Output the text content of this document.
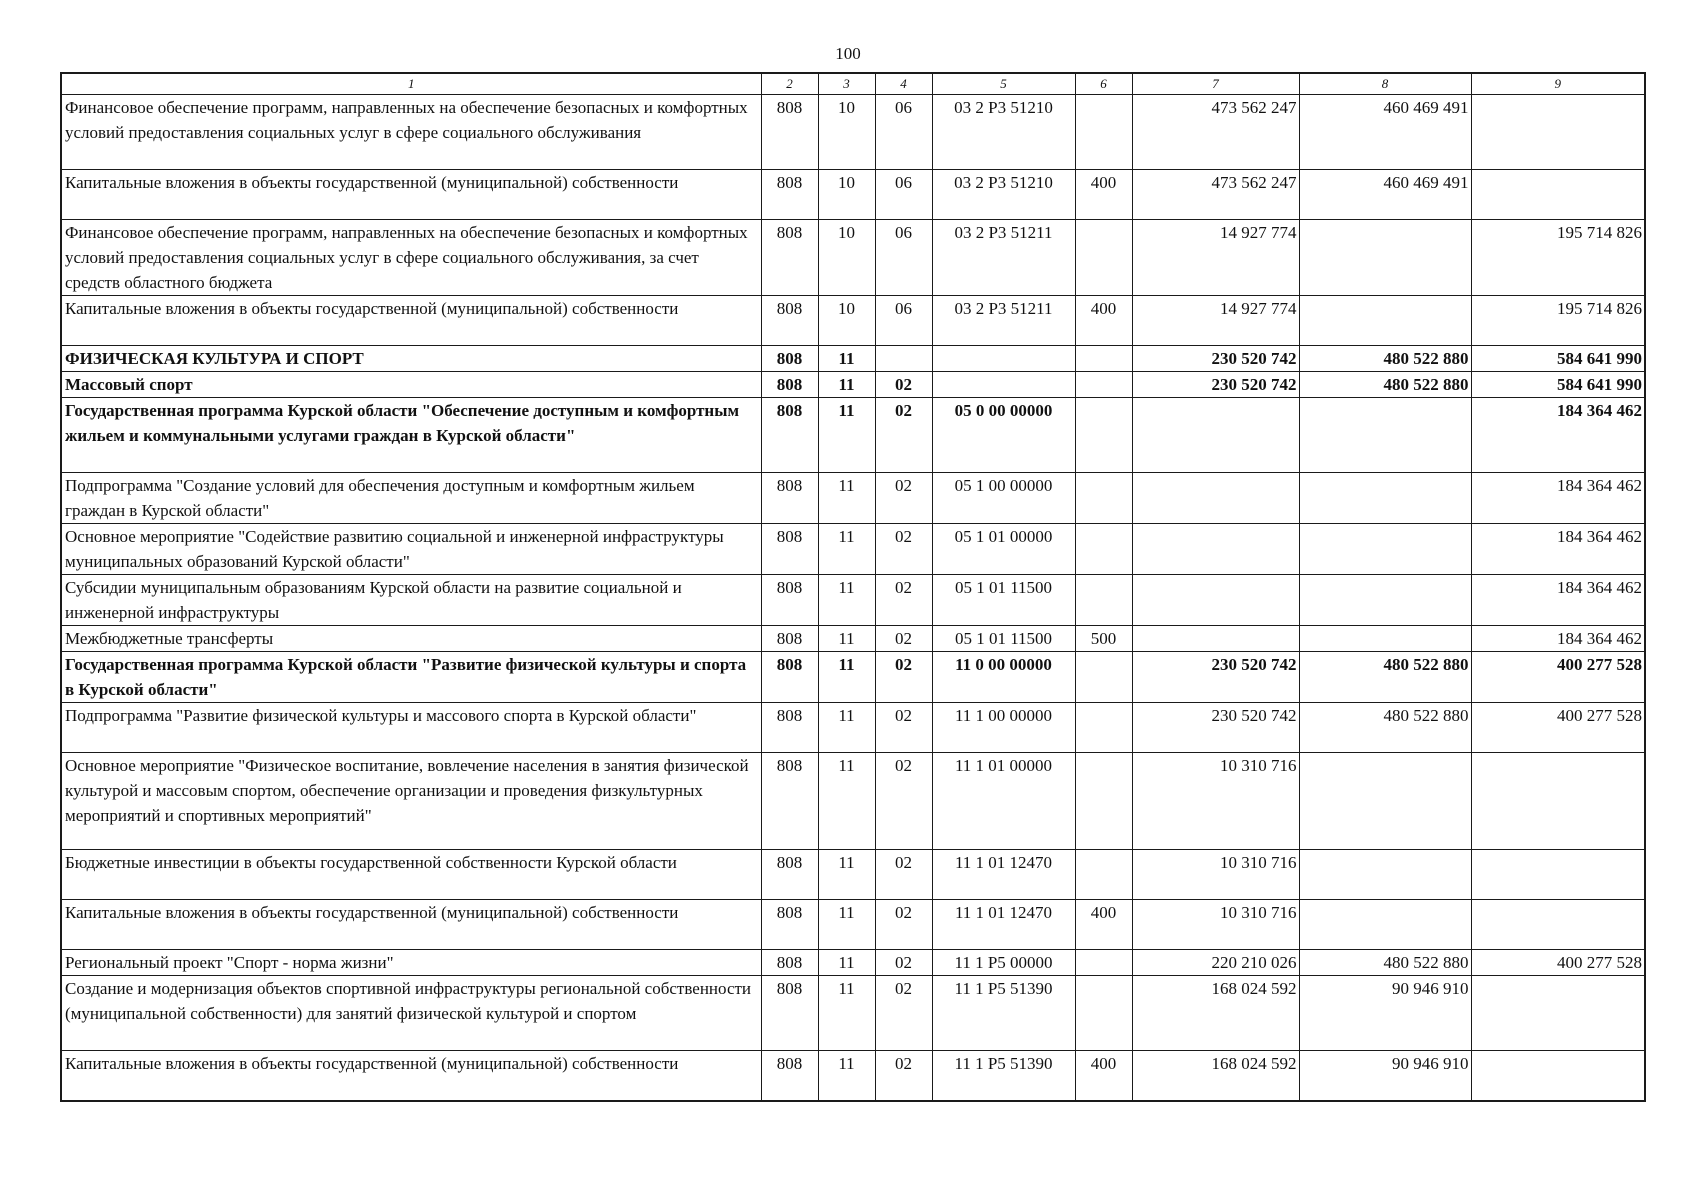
100
1	2	3	4	5	6	7	8	9
Финансовое обеспечение программ, направленных на обеспечение безопасных и комфортных условий предоставления социальных услуг в сфере социального обслуживания	808	10	06	03 2 P3 51210		473 562 247	460 469 491	
Капитальные вложения в объекты государственной (муниципальной) собственности	808	10	06	03 2 P3 51210	400	473 562 247	460 469 491	
Финансовое обеспечение программ, направленных на обеспечение безопасных и комфортных условий предоставления социальных услуг в сфере социального обслуживания, за счет средств областного бюджета	808	10	06	03 2 P3 51211		14 927 774		195 714 826
Капитальные вложения в объекты государственной (муниципальной) собственности	808	10	06	03 2 P3 51211	400	14 927 774		195 714 826
ФИЗИЧЕСКАЯ КУЛЬТУРА И СПОРТ	808	11				230 520 742	480 522 880	584 641 990
Массовый спорт	808	11	02			230 520 742	480 522 880	584 641 990
Государственная программа Курской области "Обеспечение доступным и комфортным жильем и коммунальными услугами граждан в Курской области"	808	11	02	05 0 00 00000				184 364 462
Подпрограмма "Создание условий для обеспечения доступным и комфортным жильем граждан в Курской области"	808	11	02	05 1 00 00000				184 364 462
Основное мероприятие "Содействие развитию социальной и инженерной инфраструктуры муниципальных образований Курской области"	808	11	02	05 1 01 00000				184 364 462
Субсидии муниципальным образованиям Курской области на развитие социальной и инженерной инфраструктуры	808	11	02	05 1 01 11500				184 364 462
Межбюджетные трансферты	808	11	02	05 1 01 11500	500			184 364 462
Государственная программа Курской области "Развитие физической культуры и спорта в Курской области"	808	11	02	11 0 00 00000		230 520 742	480 522 880	400 277 528
Подпрограмма "Развитие физической культуры и массового спорта в Курской области"	808	11	02	11 1 00 00000		230 520 742	480 522 880	400 277 528
Основное мероприятие "Физическое воспитание, вовлечение населения в занятия физической культурой и массовым спортом, обеспечение организации и проведения физкультурных мероприятий и спортивных мероприятий"	808	11	02	11 1 01 00000		10 310 716		
Бюджетные инвестиции в объекты государственной собственности Курской области	808	11	02	11 1 01 12470		10 310 716		
Капитальные вложения в объекты государственной (муниципальной) собственности	808	11	02	11 1 01 12470	400	10 310 716		
Региональный проект "Спорт - норма жизни"	808	11	02	11 1 P5 00000		220 210 026	480 522 880	400 277 528
Создание и модернизация объектов спортивной инфраструктуры региональной собственности (муниципальной собственности) для занятий физической культурой и спортом	808	11	02	11 1 P5 51390		168 024 592	90 946 910	
Капитальные вложения в объекты государственной (муниципальной) собственности	808	11	02	11 1 P5 51390	400	168 024 592	90 946 910	
